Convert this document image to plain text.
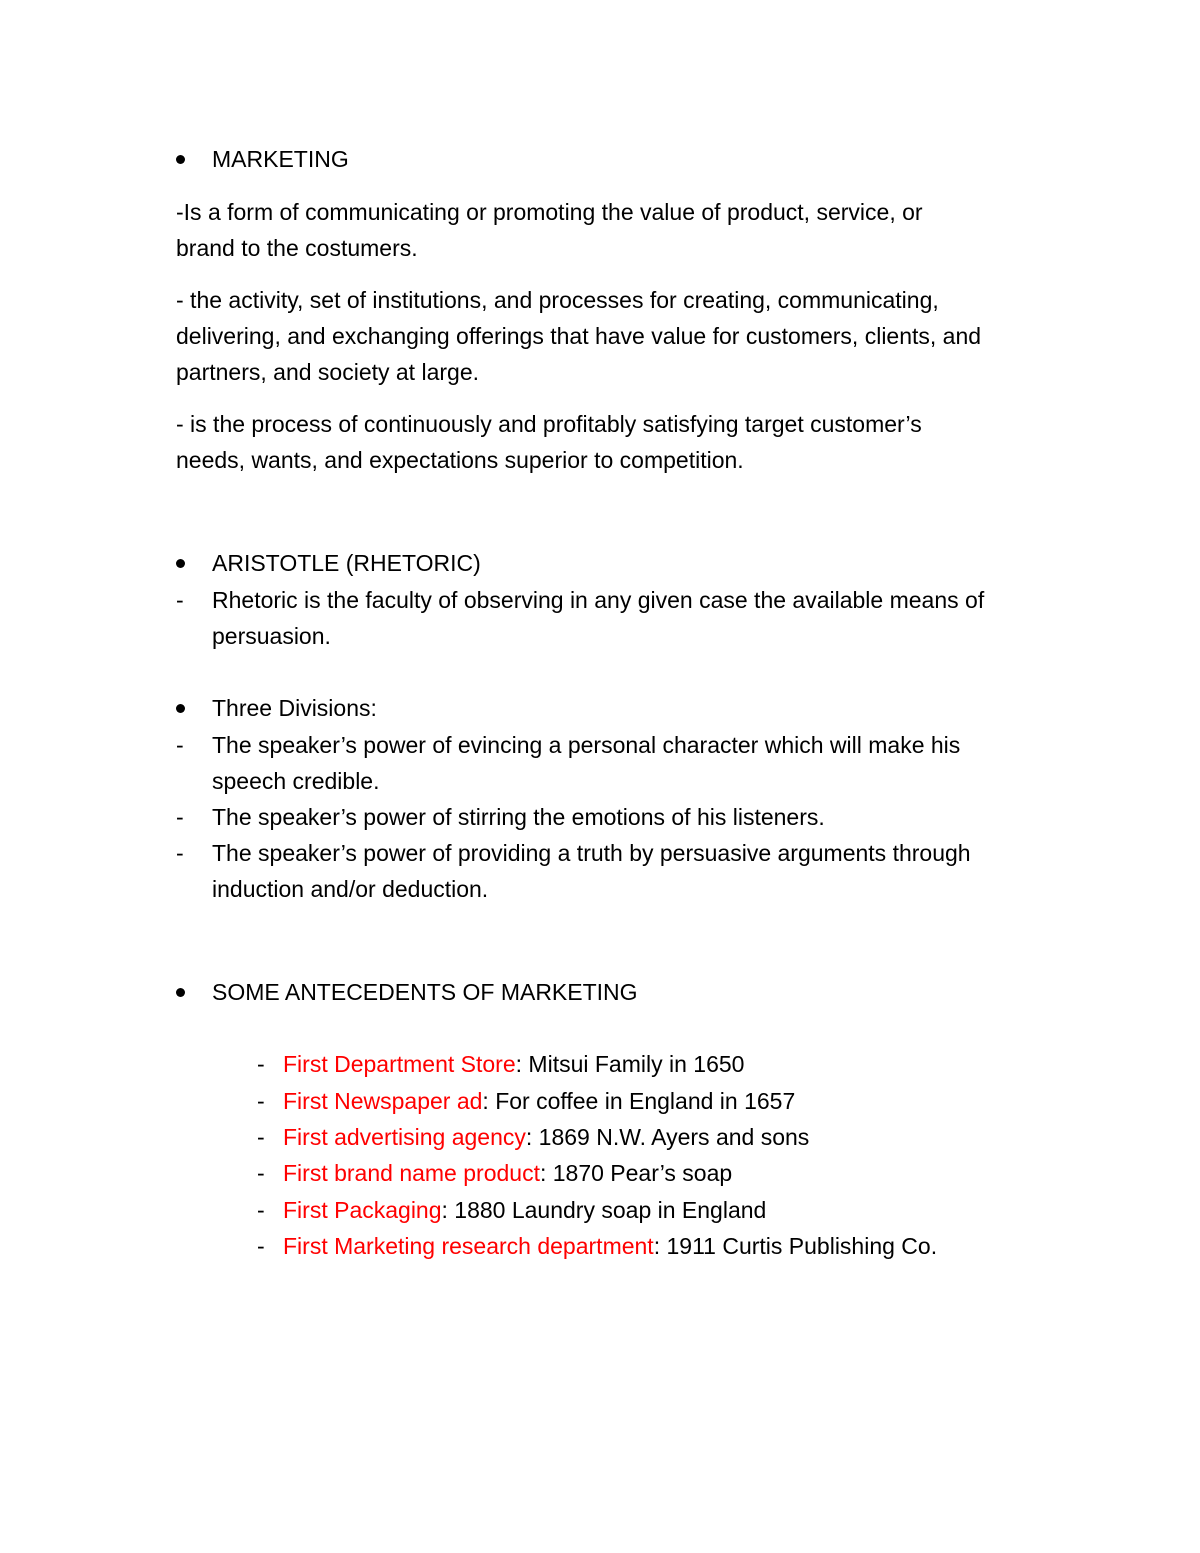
MARKETING
-Is a form of communicating or promoting the value of product, service, or
brand to the costumers.
- the activity, set of institutions, and processes for creating, communicating,
delivering, and exchanging offerings that have value for customers, clients, and
partners, and society at large.
- is the process of continuously and profitably satisfying target customer’s
needs, wants, and expectations superior to competition.
ARISTOTLE (RHETORIC)
- Rhetoric is the faculty of observing in any given case the available means of
persuasion.
Three Divisions:
- The speaker’s power of evincing a personal character which will make his
speech credible.
- The speaker’s power of stirring the emotions of his listeners.
- The speaker’s power of providing a truth by persuasive arguments through
induction and/or deduction.
SOME ANTECEDENTS OF MARKETING
- First Department Store: Mitsui Family in 1650
- First Newspaper ad: For coffee in England in 1657
- First advertising agency: 1869 N.W. Ayers and sons
- First brand name product: 1870 Pear’s soap
- First Packaging: 1880 Laundry soap in England
- First Marketing research department: 1911 Curtis Publishing Co.
